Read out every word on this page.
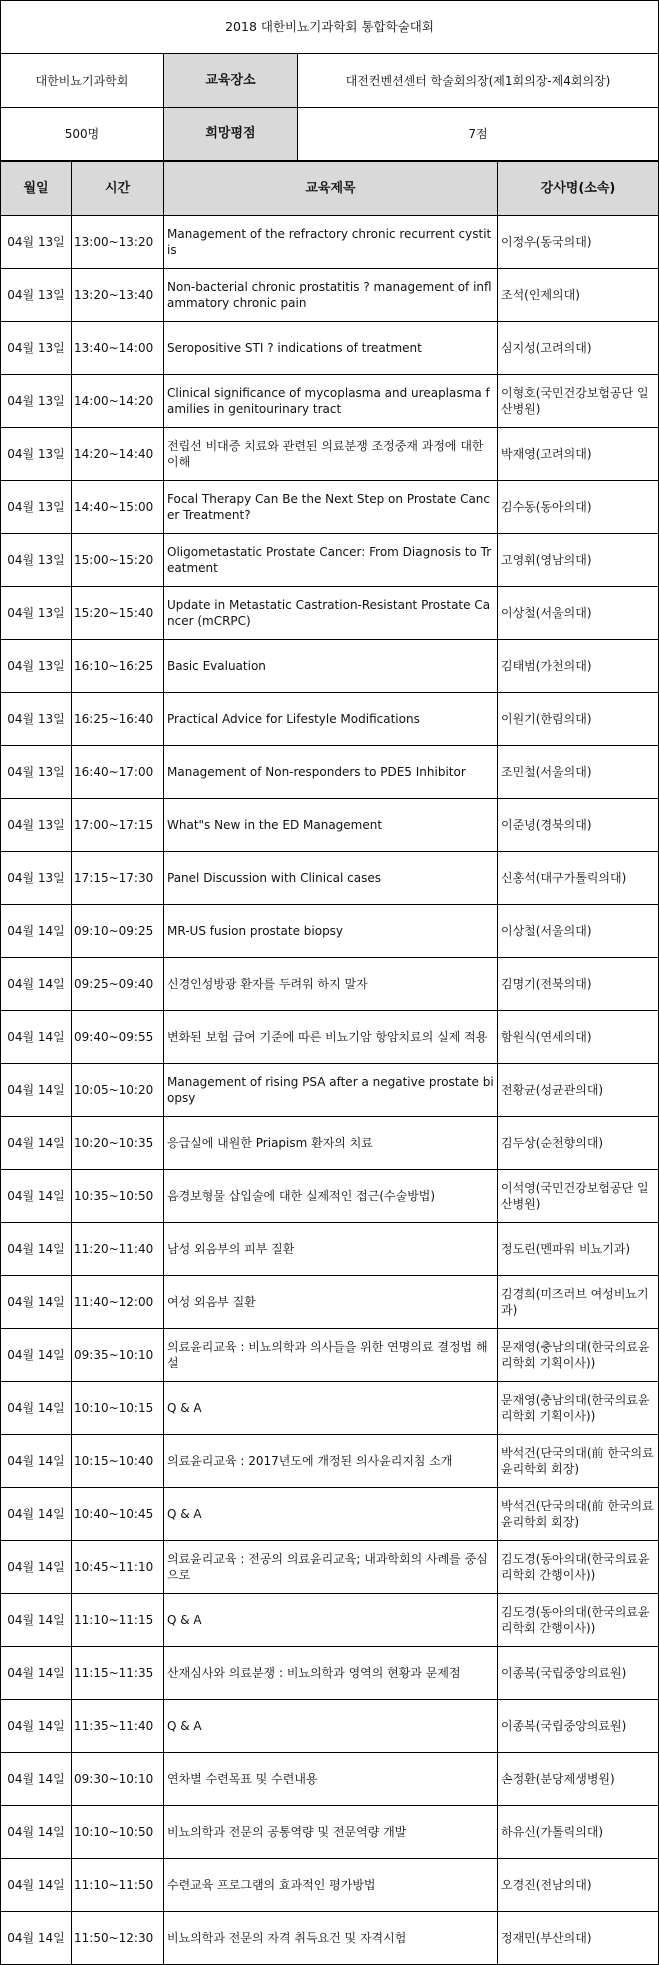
2018 대한비뇨기과학회 통합학술대회				
대한비뇨기과학회		교육장소	대전컨벤션센터 학술회의장(제1회의장-제4회의장)	
500명		희망평점	7점	
월일	시간	교육제목		강사명(소속)
04월 13일	13:00~13:20	Management of the refractory chronic recurrent cystitis		이정우(동국의대)
04월 13일	13:20~13:40	Non-bacterial chronic prostatitis ? management of inflammatory chronic pain		조석(인제의대)
04월 13일	13:40~14:00	Seropositive STI ? indications of treatment		심지성(고려의대)
04월 13일	14:00~14:20	Clinical significance of mycoplasma and ureaplasma families in genitourinary tract		이형호(국민건강보험공단 일산병원)
04월 13일	14:20~14:40	전립선 비대증 치료와 관련된 의료분쟁 조정중재 과정에 대한 이해		박재영(고려의대)
04월 13일	14:40~15:00	Focal Therapy Can Be the Next Step on Prostate Cancer Treatment?		김수동(동아의대)
04월 13일	15:00~15:20	Oligometastatic Prostate Cancer: From Diagnosis to Treatment		고영휘(영남의대)
04월 13일	15:20~15:40	Update in Metastatic Castration-Resistant Prostate Cancer (mCRPC)		이상철(서울의대)
04월 13일	16:10~16:25	Basic Evaluation		김태범(가천의대)
04월 13일	16:25~16:40	Practical Advice for Lifestyle Modifications		이원기(한림의대)
04월 13일	16:40~17:00	Management of Non-responders to PDE5 Inhibitor		조민철(서울의대)
04월 13일	17:00~17:15	What"s New in the ED Management		이준녕(경북의대)
04월 13일	17:15~17:30	Panel Discussion with Clinical cases		신홍석(대구가톨릭의대)
04월 14일	09:10~09:25	MR-US fusion prostate biopsy		이상철(서울의대)
04월 14일	09:25~09:40	신경인성방광 환자를 두려워 하지 말자		김명기(전북의대)
04월 14일	09:40~09:55	변화된 보험 급여 기준에 따른 비뇨기암 항암치료의 실제 적용		함원식(연세의대)
04월 14일	10:05~10:20	Management of rising PSA after a negative prostate biopsy		전황균(성균관의대)
04월 14일	10:20~10:35	응급실에 내원한 Priapism 환자의 치료		김두상(순천향의대)
04월 14일	10:35~10:50	음경보형물 삽입술에 대한 실제적인 접근(수술방법)		이석영(국민건강보험공단 일산병원)
04월 14일	11:20~11:40	남성 외음부의 피부 질환		정도린(멘파워 비뇨기과)
04월 14일	11:40~12:00	여성 외음부 질환		김경희(미즈러브 여성비뇨기과)
04월 14일	09:35~10:10	의료윤리교육 : 비뇨의학과 의사들을 위한 연명의료 결정법 해설		문재영(충남의대(한국의료윤리학회 기획이사))
04월 14일	10:10~10:15	Q & A		문재영(충남의대(한국의료윤리학회 기획이사))
04월 14일	10:15~10:40	의료윤리교육 : 2017년도에 개정된 의사윤리지침 소개		박석건(단국의대(前 한국의료윤리학회 회장)
04월 14일	10:40~10:45	Q & A		박석건(단국의대(前 한국의료윤리학회 회장)
04월 14일	10:45~11:10	의료윤리교육 : 전공의 의료윤리교육; 내과학회의 사례를 중심으로		김도경(동아의대(한국의료윤리학회 간행이사))
04월 14일	11:10~11:15	Q & A		김도경(동아의대(한국의료윤리학회 간행이사))
04월 14일	11:15~11:35	산재심사와 의료분쟁 : 비뇨의학과 영역의 현황과 문제점		이종복(국립중앙의료원)
04월 14일	11:35~11:40	Q & A		이종복(국립중앙의료원)
04월 14일	09:30~10:10	연차별 수련목표 및 수련내용		손정환(분당제생병원)
04월 14일	10:10~10:50	비뇨의학과 전문의 공통역량 및 전문역량 개발		하유신(가톨릭의대)
04월 14일	11:10~11:50	수련교육 프로그램의 효과적인 평가방법		오경진(전남의대)
04월 14일	11:50~12:30	비뇨의학과 전문의 자격 취득요건 및 자격시험		정재민(부산의대)
